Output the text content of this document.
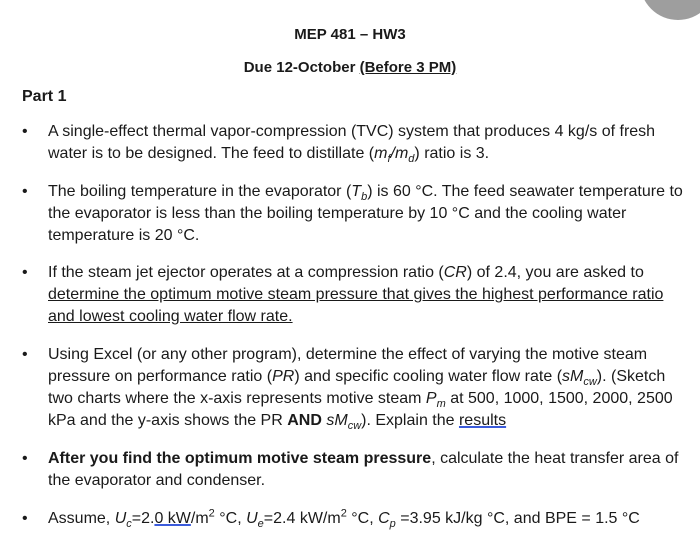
MEP 481 – HW3
Due 12-October (Before 3 PM)
Part 1
• A single-effect thermal vapor-compression (TVC) system that produces 4 kg/s of fresh water is to be designed. The feed to distillate $(m_f/m_d)$ ratio is 3.
• The boiling temperature in the evaporator $(T_b)$ is 60 °C. The feed seawater temperature to the evaporator is less than the boiling temperature by 10 °C and the cooling water temperature is 20 °C.
• If the steam jet ejector operates at a compression ratio (CR) of 2.4, you are asked to determine the optimum motive steam pressure that gives the highest performance ratio and lowest cooling water flow rate.
• Using Excel (or any other program), determine the effect of varying the motive steam pressure on performance ratio (PR) and specific cooling water flow rate $(sM_{cw})$. (Sketch two charts where the x-axis represents motive steam $P_m$ at 500, 1000, 1500, 2000, 2500 kPa and the y-axis shows the PR AND $sM_{cw}$). Explain the results
• After you find the optimum motive steam pressure, calculate the heat transfer area of the evaporator and condenser.
• Assume, $U_c=2.0$ $kW/m^2$ °C, $U_e=2.4$ $kW/m^2$ °C, $C_p =3.95$ kJ/kg °C, and BPE = 1.5 °C
